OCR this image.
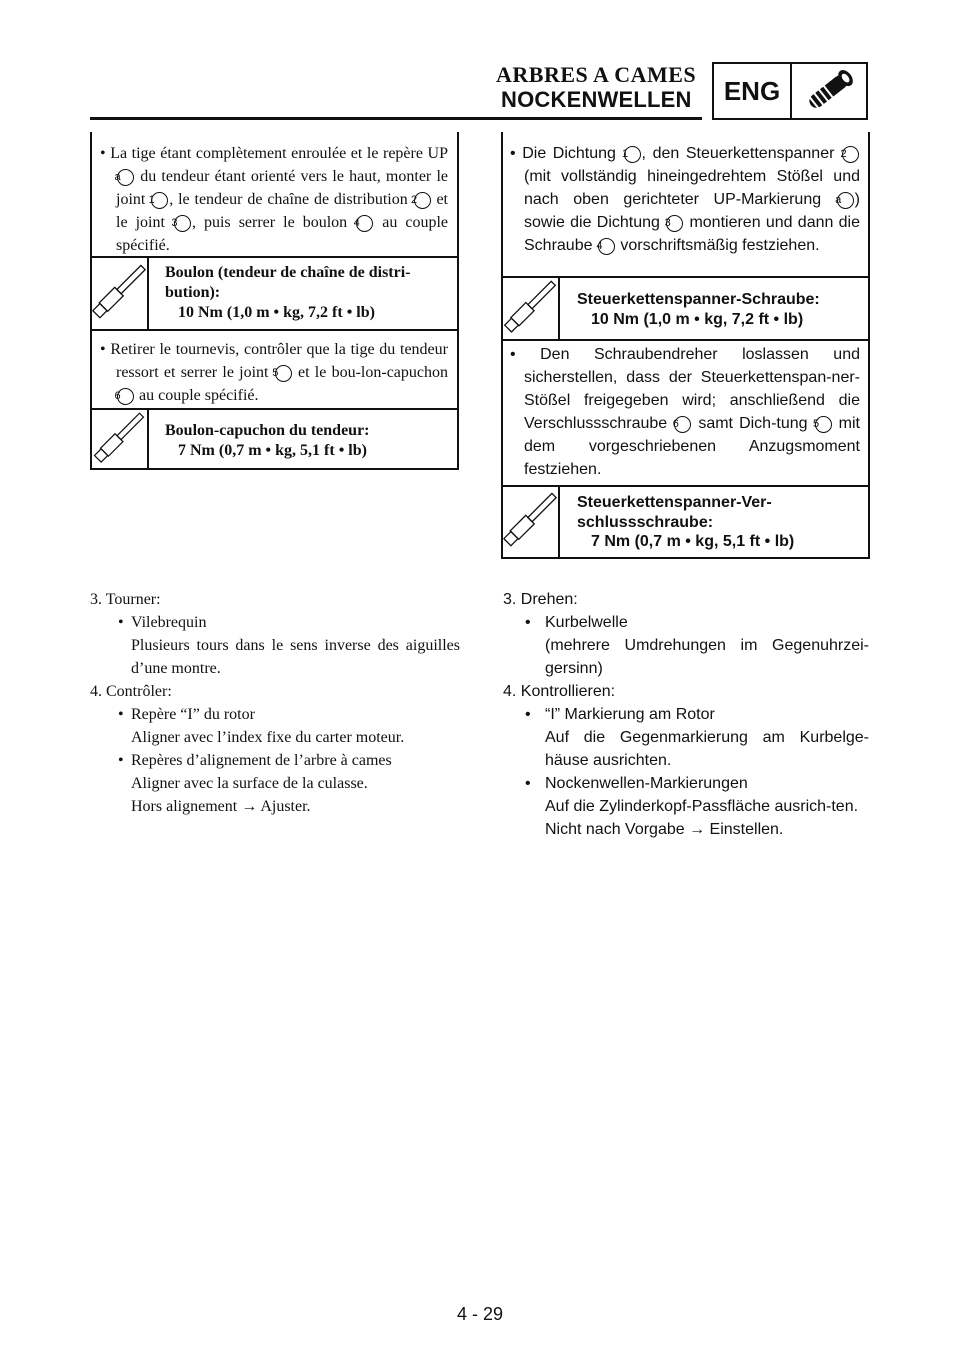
ARBRES A CAMES
NOCKENWELLEN	ENG
• La tige étant complètement enroulée et le repère UP a du tendeur étant orienté vers le haut, monter le joint 1 , le tendeur de chaîne de distribution 2 et le joint 3 , puis serrer le boulon 4 au couple spécifié.
Boulon (tendeur de chaîne de distri-bution):
10 Nm (1,0 m • kg, 7,2 ft • lb)
• Retirer le tournevis, contrôler que la tige du tendeur ressort et serrer le joint 5 et le bou-lon-capuchon 6 au couple spécifié.
Boulon-capuchon du tendeur:
7 Nm (0,7 m • kg, 5,1 ft • lb)
• Die Dichtung 1 , den Steuerkettenspanner 2 (mit vollständig hineingedrehtem Stößel und nach oben gerichteter UP-Markierung a ) sowie die Dichtung 3 montieren und dann die Schraube 4 vorschriftsmäßig festziehen.
Steuerkettenspanner-Schraube:
10 Nm (1,0 m • kg, 7,2 ft • lb)
• Den Schraubendreher loslassen und sicherstellen, dass der Steuerkettenspan-ner-Stößel freigegeben wird; anschließend die Verschlussschraube 6 samt Dich-tung 5 mit dem vorgeschriebenen Anzugsmoment festziehen.
Steuerkettenspanner-Ver-
schlussschraube:
7 Nm (0,7 m • kg, 5,1 ft • lb)
3. Tourner:
• Vilebrequin
Plusieurs tours dans le sens inverse des aiguilles d’une montre.
4. Contrôler:
• Repère “I” du rotor
Aligner avec l’index fixe du carter moteur.
• Repères d’alignement de l’arbre à cames
Aligner avec la surface de la culasse.
Hors alignement → Ajuster.
3. Drehen:
• Kurbelwelle
(mehrere Umdrehungen im Gegenuhrzei-gersinn)
4. Kontrollieren:
• “I” Markierung am Rotor
Auf die Gegenmarkierung am Kurbelge-häuse ausrichten.
• Nockenwellen-Markierungen
Auf die Zylinderkopf-Passfläche ausrich-ten.
Nicht nach Vorgabe → Einstellen.
4 - 29
